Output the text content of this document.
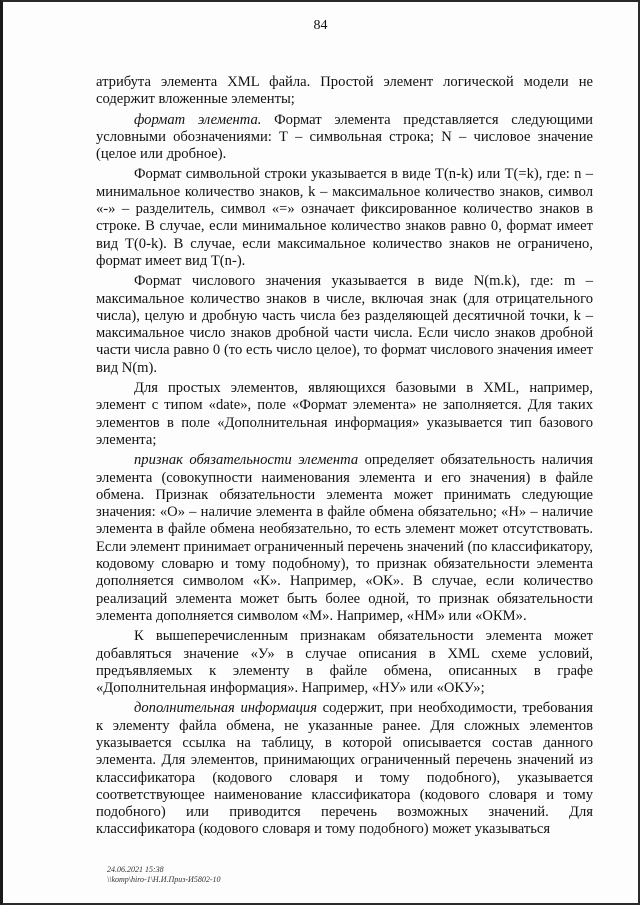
84

атрибута элемента XML файла. Простой элемент логической модели не содержит вложенные элементы;

формат элемента. Формат элемента представляется следующими условными обозначениями: Т – символьная строка; N – числовое значение (целое или дробное).

Формат символьной строки указывается в виде T(n-k) или T(=k), где: n – минимальное количество знаков, k – максимальное количество знаков, символ «-» – разделитель, символ «=» означает фиксированное количество знаков в строке. В случае, если минимальное количество знаков равно 0, формат имеет вид T(0-k). В случае, если максимальное количество знаков не ограничено, формат имеет вид T(n-).

Формат числового значения указывается в виде N(m.k), где: m – максимальное количество знаков в числе, включая знак (для отрицательного числа), целую и дробную часть числа без разделяющей десятичной точки, k – максимальное число знаков дробной части числа. Если число знаков дробной части числа равно 0 (то есть число целое), то формат числового значения имеет вид N(m).

Для простых элементов, являющихся базовыми в XML, например, элемент с типом «date», поле «Формат элемента» не заполняется. Для таких элементов в поле «Дополнительная информация» указывается тип базового элемента;

признак обязательности элемента определяет обязательность наличия элемента (совокупности наименования элемента и его значения) в файле обмена. Признак обязательности элемента может принимать следующие значения: «О» – наличие элемента в файле обмена обязательно; «Н» – наличие элемента в файле обмена необязательно, то есть элемент может отсутствовать. Если элемент принимает ограниченный перечень значений (по классификатору, кодовому словарю и тому подобному), то признак обязательности элемента дополняется символом «К». Например, «ОК». В случае, если количество реализаций элемента может быть более одной, то признак обязательности элемента дополняется символом «М». Например, «НМ» или «ОКМ».

К вышеперечисленным признакам обязательности элемента может добавляться значение «У» в случае описания в XML схеме условий, предъявляемых к элементу в файле обмена, описанных в графе «Дополнительная информация». Например, «НУ» или «ОКУ»;

дополнительная информация содержит, при необходимости, требования к элементу файла обмена, не указанные ранее. Для сложных элементов указывается ссылка на таблицу, в которой описывается состав данного элемента. Для элементов, принимающих ограниченный перечень значений из классификатора (кодового словаря и тому подобного), указывается соответствующее наименование классификатора (кодового словаря и тому подобного) или приводится перечень возможных значений. Для классификатора (кодового словаря и тому подобного) может указываться

24.06.2021 15:38
\\komp\hiro-1\Н.И.Приз-И5802-10
